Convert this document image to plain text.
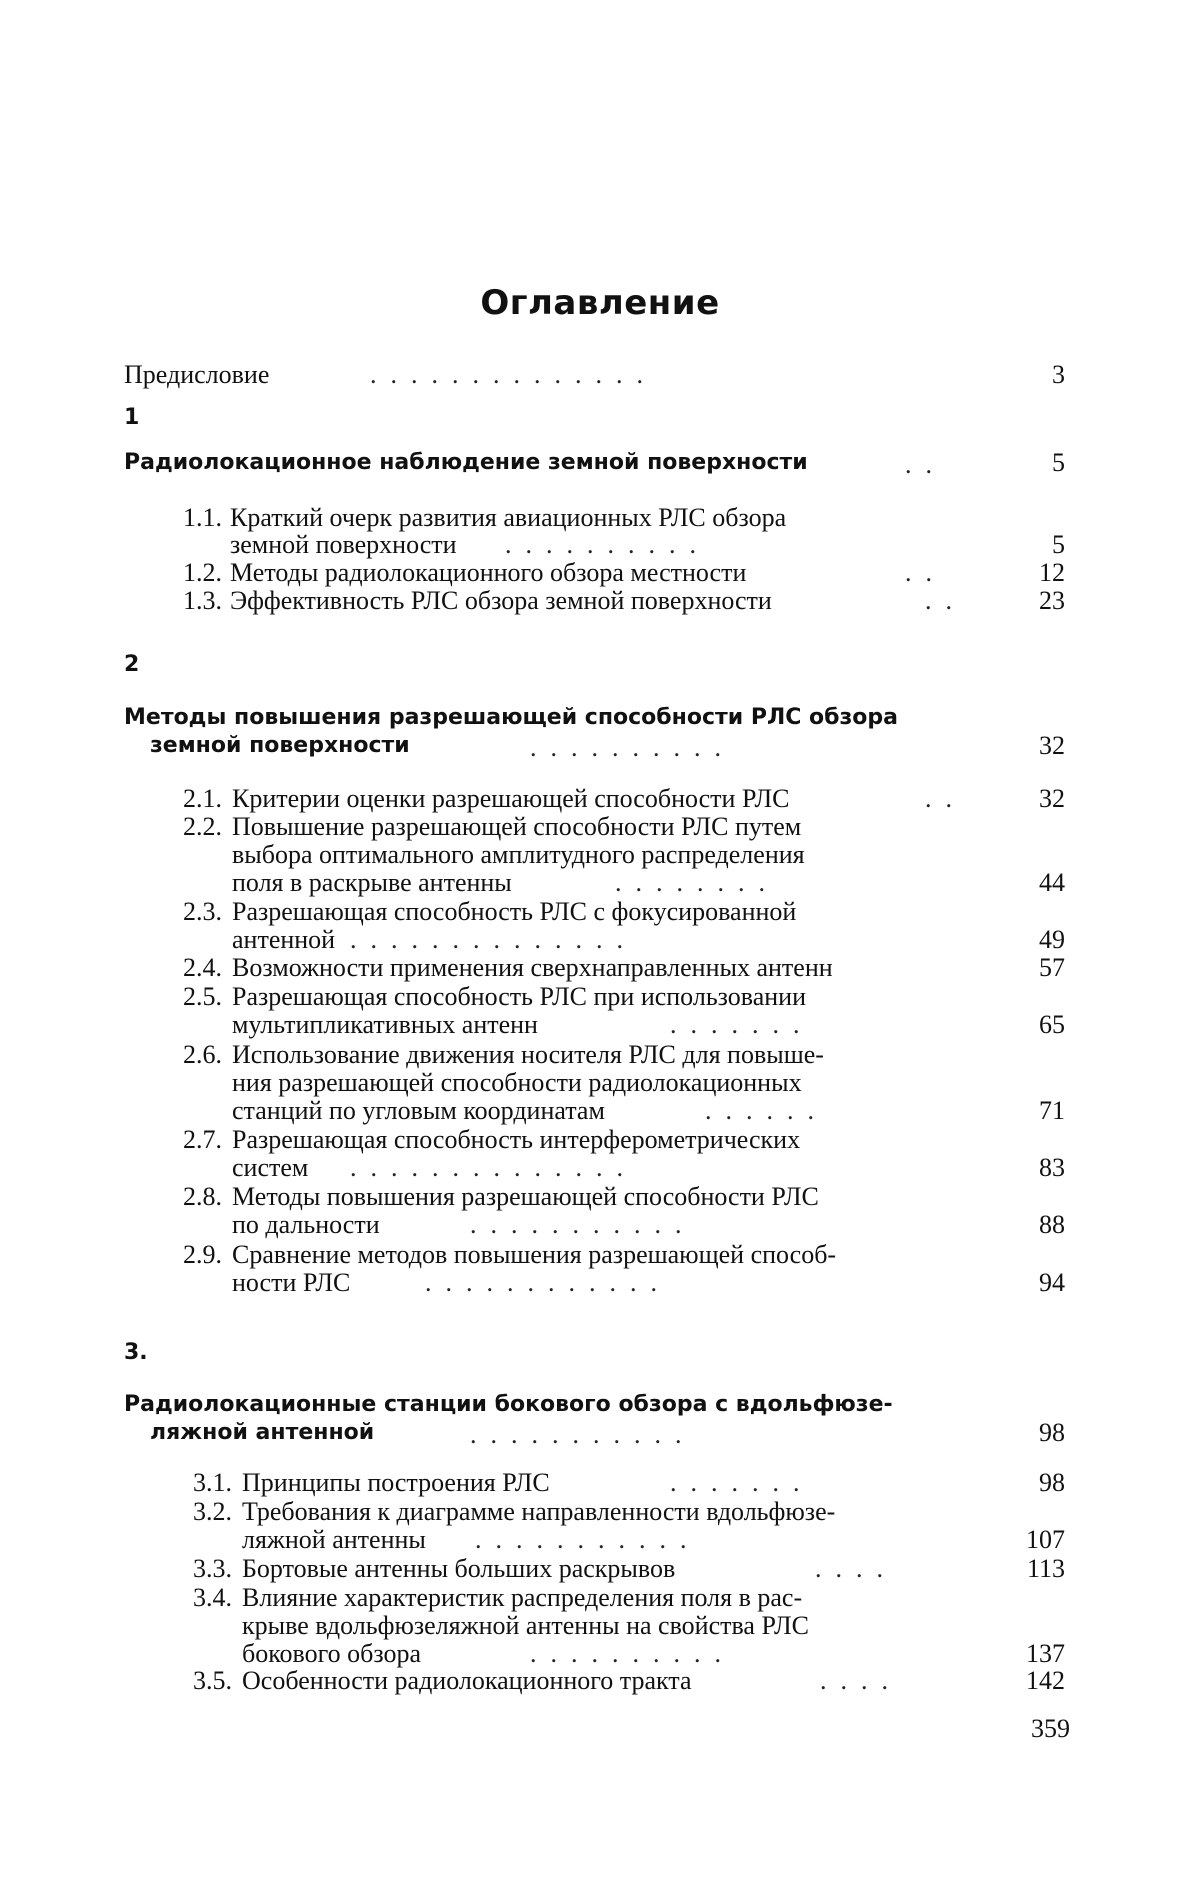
Оглавление
Предисловие	..............	3
1
Радиолокационное наблюдение земной поверхности	..	5
1.1. Краткий очерк развития авиационных РЛС обзора
земной поверхности	..........	5
1.2. Методы радиолокационного обзора местности	..	12
1.3. Эффективность РЛС обзора земной поверхности	..	23
2
Методы повышения разрешающей способности РЛС обзора
земной поверхности	..........	32
2.1. Критерии оценки разрешающей способности РЛС	..	32
2.2. Повышение разрешающей способности РЛС путем
выбора оптимального амплитудного распределения
поля в раскрыве антенны	........	44
2.3. Разрешающая способность РЛС с фокусированной
антенной ..............	49
2.4. Возможности применения сверхнаправленных антенн	57
2.5. Разрешающая способность РЛС при использовании
мультипликативных антенн	.......	65
2.6. Использование движения носителя РЛС для повыше-
ния разрешающей способности радиолокационных
станций по угловым координатам	......	71
2.7. Разрешающая способность интерферометрических
систем	..............	83
2.8. Методы повышения разрешающей способности РЛС
по дальности	...........	88
2.9. Сравнение методов повышения разрешающей способ-
ности РЛС	............	94
3.
Радиолокационные станции бокового обзора с вдольфюзе-
ляжной антенной	...........	98
3.1. Принципы построения РЛС	.......	98
3.2. Требования к диаграмме направленности вдольфюзе-
ляжной антенны	...........	107
3.3. Бортовые антенны больших раскрывов	....	113
3.4. Влияние характеристик распределения поля в рас-
крыве вдольфюзеляжной антенны на свойства РЛС
бокового обзора	..........	137
3.5. Особенности радиолокационного тракта	....	142
359
